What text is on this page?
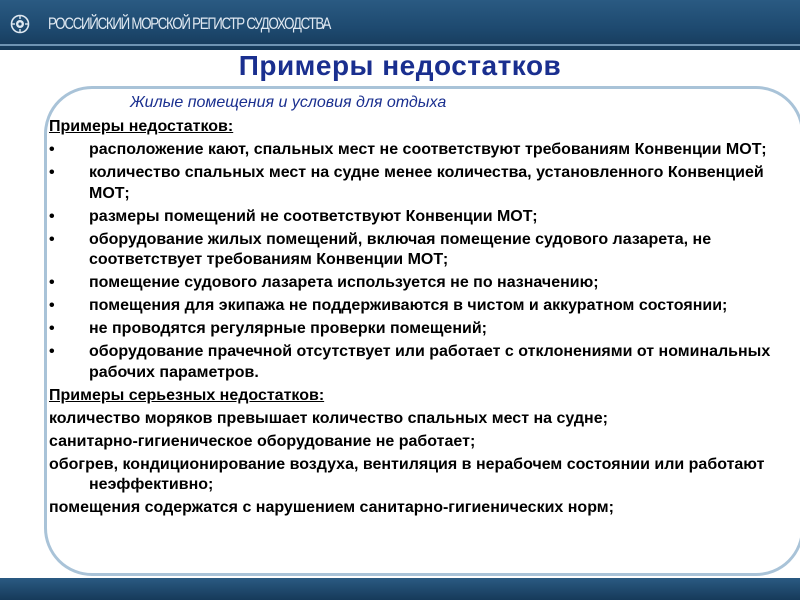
РОССИЙСКИЙ МОРСКОЙ РЕГИСТР СУДОХОДСТВА
Примеры недостатков
Жилые помещения и условия для отдыха
Примеры недостатков:
• расположение кают, спальных мест не соответствуют требованиям Конвенции МОТ;
• количество спальных мест на судне менее количества, установленного Конвенцией МОТ;
• размеры помещений не соответствуют Конвенции МОТ;
• оборудование жилых помещений, включая помещение судового лазарета, не соответствует требованиям Конвенции МОТ;
• помещение судового лазарета используется не по назначению;
• помещения для экипажа не поддерживаются в чистом и аккуратном состоянии;
• не проводятся регулярные проверки помещений;
• оборудование прачечной отсутствует или работает с отклонениями от номинальных рабочих параметров.
Примеры серьезных недостатков:
количество моряков превышает количество спальных мест на судне;
санитарно-гигиеническое оборудование не работает;
обогрев, кондиционирование воздуха, вентиляция в нерабочем состоянии или работают неэффективно;
помещения содержатся с нарушением санитарно-гигиенических норм;
